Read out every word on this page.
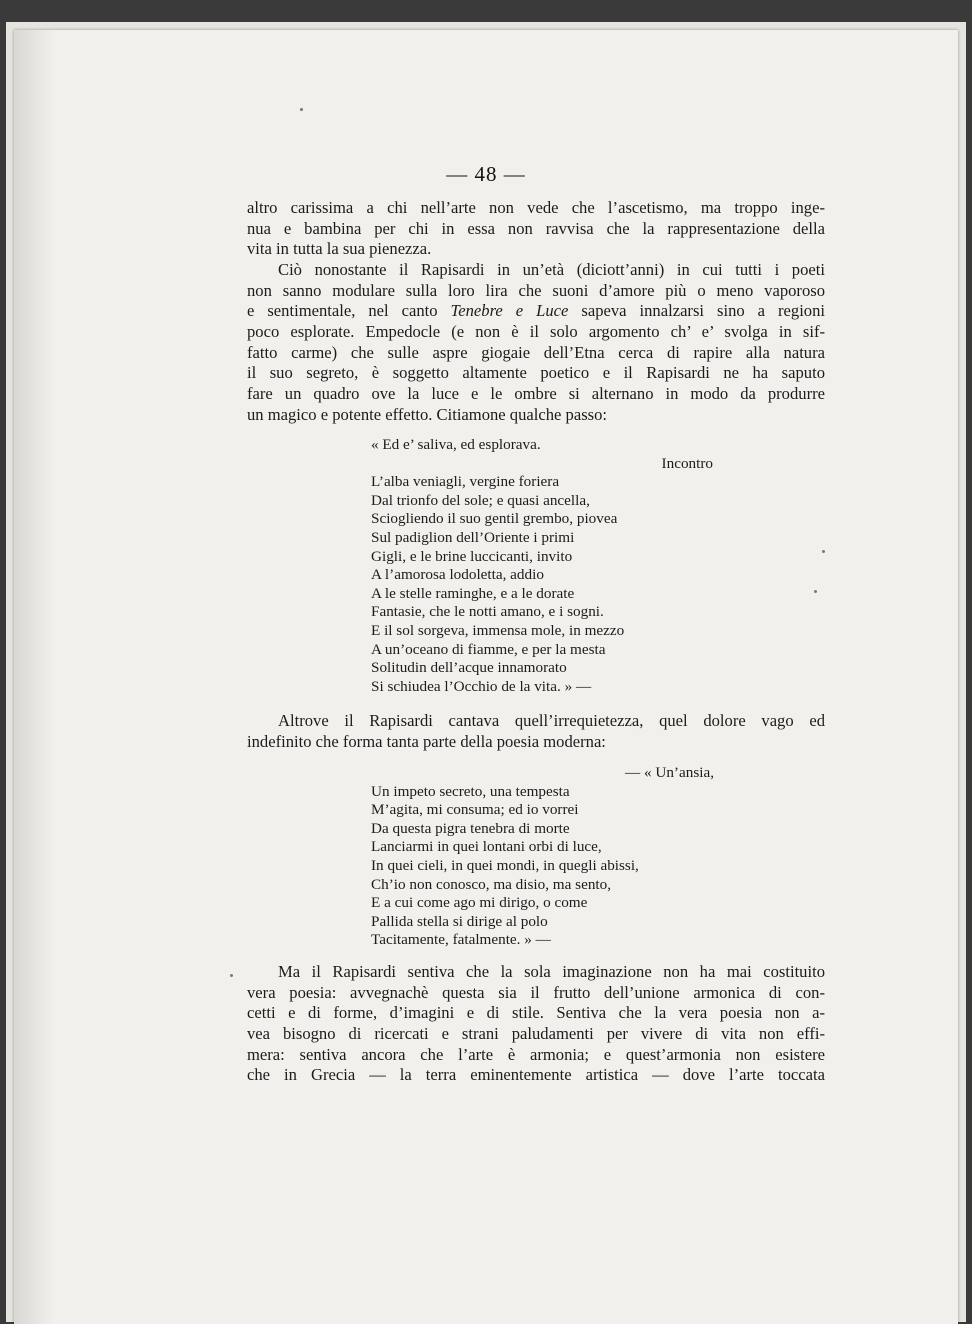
— 48 —
altro carissima a chi nell’arte non vede che l’ascetismo, ma troppo inge-
nua e bambina per chi in essa non ravvisa che la rappresentazione della
vita in tutta la sua pienezza.
Ciò nonostante il Rapisardi in un’età (diciott’anni) in cui tutti i poeti
non sanno modulare sulla loro lira che suoni d’amore più o meno vaporoso
e sentimentale, nel canto Tenebre e Luce sapeva innalzarsi sino a regioni
poco esplorate. Empedocle (e non è il solo argomento ch’ e’ svolga in sif-
fatto carme) che sulle aspre giogaie dell’Etna cerca di rapire alla natura
il suo segreto, è soggetto altamente poetico e il Rapisardi ne ha saputo
fare un quadro ove la luce e le ombre si alternano in modo da produrre
un magico e potente effetto. Citiamone qualche passo:
« Ed e’ saliva, ed esplorava.
Incontro
L’alba veniagli, vergine foriera
Dal trionfo del sole; e quasi ancella,
Sciogliendo il suo gentil grembo, piovea
Sul padiglion dell’Oriente i primi
Gigli, e le brine luccicanti, invito
A l’amorosa lodoletta, addio
A le stelle raminghe, e a le dorate
Fantasie, che le notti amano, e i sogni.
E il sol sorgeva, immensa mole, in mezzo
A un’oceano di fiamme, e per la mesta
Solitudin dell’acque innamorato
Si schiudea l’Occhio de la vita. » —
Altrove il Rapisardi cantava quell’irrequietezza, quel dolore vago ed
indefinito che forma tanta parte della poesia moderna:
— « Un’ansia,
Un impeto secreto, una tempesta
M’agita, mi consuma; ed io vorrei
Da questa pigra tenebra di morte
Lanciarmi in quei lontani orbi di luce,
In quei cieli, in quei mondi, in quegli abissi,
Ch’io non conosco, ma disio, ma sento,
E a cui come ago mi dirigo, o come
Pallida stella si dirige al polo
Tacitamente, fatalmente. » —
Ma il Rapisardi sentiva che la sola imaginazione non ha mai costituito
vera poesia: avvegnachè questa sia il frutto dell’unione armonica di con-
cetti e di forme, d’imagini e di stile. Sentiva che la vera poesia non a-
vea bisogno di ricercati e strani paludamenti per vivere di vita non effi-
mera: sentiva ancora che l’arte è armonia; e quest’armonia non esistere
che in Grecia — la terra eminentemente artistica — dove l’arte toccata
